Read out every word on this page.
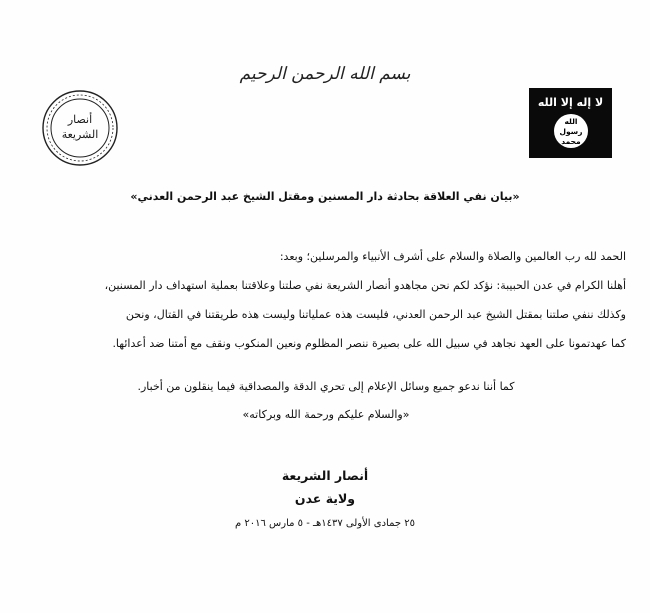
بسم الله الرحمن الرحيم
أنصار الشريعة
لا إله إلا الله
الله رسول محمد
«بيان نفي العلاقة بحادثة دار المسنين ومقتل الشيخ عبد الرحمن العدني»
الحمد لله رب العالمين والصلاة والسلام على أشرف الأنبياء والمرسلين؛ وبعد:
أهلنا الكرام في عدن الحبيبة: نؤكد لكم نحن مجاهدو أنصار الشريعة نفي صلتنا وعلاقتنا بعملية استهداف دار المسنين،
وكذلك ننفي صلتنا بمقتل الشيخ عبد الرحمن العدني، فليست هذه عملياتنا وليست هذه طريقتنا في القتال، ونحن
كما عهدتمونا على العهد نجاهد في سبيل الله على بصيرة ننصر المظلوم ونعين المنكوب ونقف مع أمتنا ضد أعدائها.
كما أننا ندعو جميع وسائل الإعلام إلى تحري الدقة والمصداقية فيما ينقلون من أخبار.
«والسلام عليكم ورحمة الله وبركاته»
أنصار الشريعة
ولاية عدن
٢٥ جمادى الأولى ١٤٣٧هـ - ٥ مارس ٢٠١٦ م
